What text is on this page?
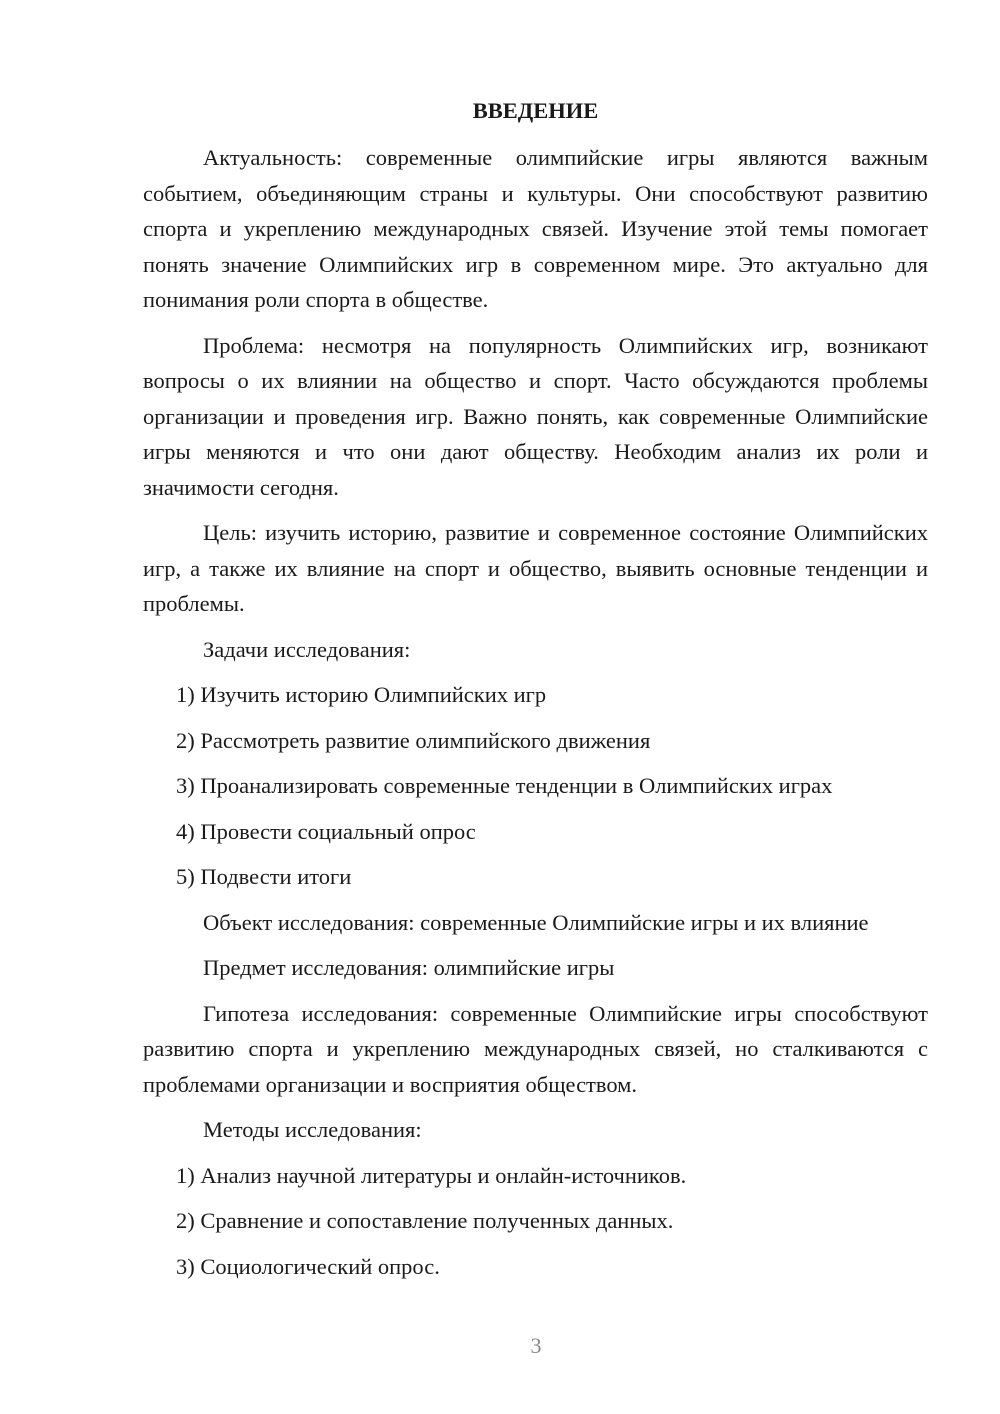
ВВЕДЕНИЕ

Актуальность: современные олимпийские игры являются важным событием, объединяющим страны и культуры. Они способствуют развитию спорта и укреплению международных связей. Изучение этой темы помогает понять значение Олимпийских игр в современном мире. Это актуально для понимания роли спорта в обществе.

Проблема: несмотря на популярность Олимпийских игр, возникают вопросы о их влиянии на общество и спорт. Часто обсуждаются проблемы организации и проведения игр. Важно понять, как современные Олимпийские игры меняются и что они дают обществу. Необходим анализ их роли и значимости сегодня.

Цель: изучить историю, развитие и современное состояние Олимпийских игр, а также их влияние на спорт и общество, выявить основные тенденции и проблемы.

Задачи исследования:

1) Изучить историю Олимпийских игр
2) Рассмотреть развитие олимпийского движения
3) Проанализировать современные тенденции в Олимпийских играх
4) Провести социальный опрос
5) Подвести итоги

Объект исследования: современные Олимпийские игры и их влияние

Предмет исследования: олимпийские игры

Гипотеза исследования: современные Олимпийские игры способствуют развитию спорта и укреплению международных связей, но сталкиваются с проблемами организации и восприятия обществом.

Методы исследования:

1) Анализ научной литературы и онлайн-источников.
2) Сравнение и сопоставление полученных данных.
3) Социологический опрос.
3
